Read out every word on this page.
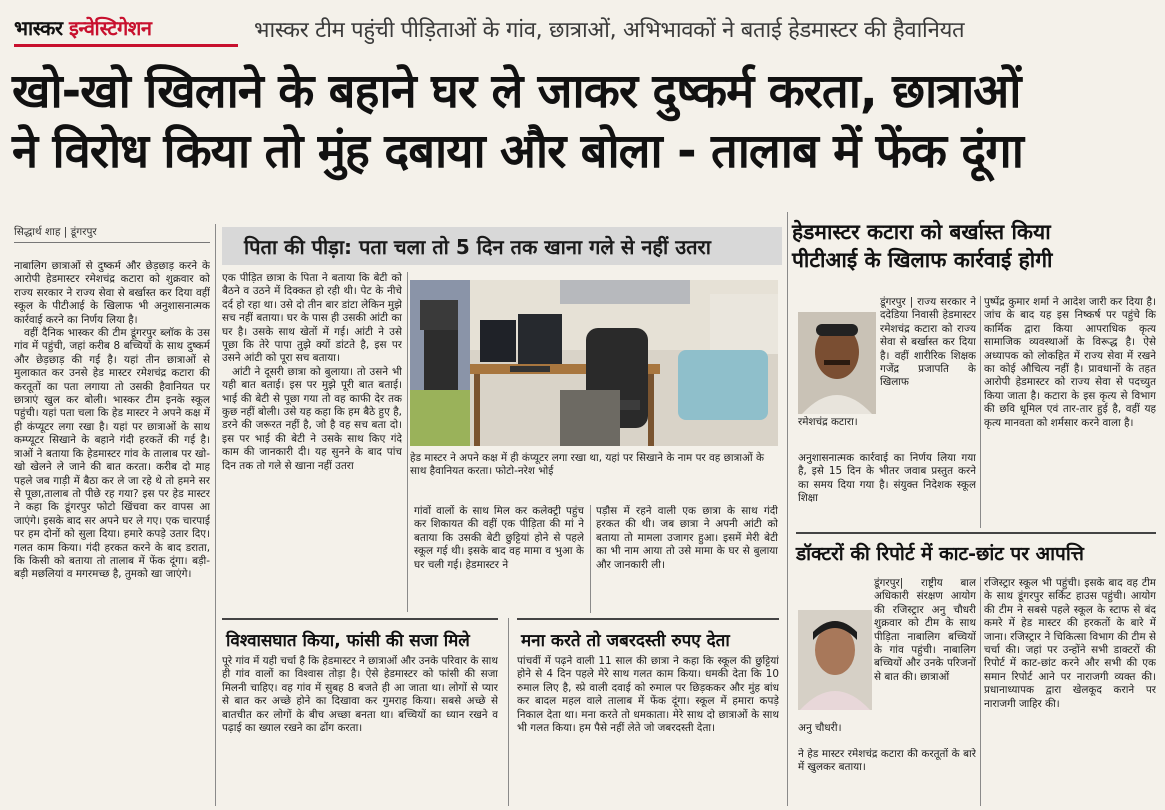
भास्कर इन्वेस्टिगेशन	भास्कर टीम पहुंची पीड़िताओं के गांव, छात्राओं, अभिभावकों ने बताई हेडमास्टर की हैवानियत
खो-खो खिलाने के बहाने घर ले जाकर दुष्कर्म करता, छात्राओं
ने विरोध किया तो मुंह दबाया और बोला - तालाब में फेंक दूंगा
सिद्धार्थ शाह | डूंगरपुर

नाबालिग छात्राओं से दुष्कर्म और छेड़छाड़ करने के आरोपी हेडमास्टर रमेशचंद्र कटारा को शुक्रवार को राज्य सरकार ने राज्य सेवा से बर्खास्त कर दिया वहीं स्कूल के पीटीआई के खिलाफ भी अनुशासनात्मक कार्रवाई करने का निर्णय लिया है।

वहीं दैनिक भास्कर की टीम डूंगरपुर ब्लॉक के उस गांव में पहुंची, जहां करीब 8 बच्चियों के साथ दुष्कर्म और छेड़छाड़ की गई है। यहां तीन छात्राओं से मुलाकात कर उनसे हेड मास्टर रमेशचंद्र कटारा की करतूतों का पता लगाया तो उसकी हैवानियत पर छात्राएं खुल कर बोली। भास्कर टीम इनके स्कूल पहुंची। यहां पता चला कि हेड मास्टर ने अपने कक्ष में ही कंप्यूटर लगा रखा है। यहां पर छात्राओं के साथ कम्प्यूटर सिखाने के बहाने गंदी हरकतें की गई है। त्राओं ने बताया कि हेडमास्टर गांव के तालाब पर खो-खो खेलने ले जाने की बात करता। करीब दो माह पहले जब गाड़ी में बैठा कर ले जा रहे थे तो हमने सर से पूछा,तालाब तो पीछे रह गया? इस पर हेड मास्टर ने कहा कि डूंगरपुर फोटो खिंचवा कर वापस आ जाएंगे। इसके बाद सर अपने घर ले गए। एक चारपाई पर हम दोनों को सुला दिया। हमारे कपड़े उतार दिए। गलत काम किया। गंदी हरकत करने के बाद डराता, कि किसी को बताया तो तालाब में फेंक दूंगा। बड़ी-बड़ी मछलियां व मगरमच्छ है, तुमको खा जाएंगे।

पिता की पीड़ा: पता चला तो 5 दिन तक खाना गले से नहीं उतरा

एक पीड़ित छात्रा के पिता ने बताया कि बेटी को बैठने व उठने में दिक्कत हो रही थी। पेट के नीचे दर्द हो रहा था। उसे दो तीन बार डांटा लेकिन मुझे सच नहीं बताया। घर के पास ही उसकी आंटी का घर है। उसके साथ खेतों में गई। आंटी ने उसे पूछा कि तेरे पापा तुझे क्यों डांटते है, इस पर उसने आंटी को पूरा सच बताया।

आंटी ने दूसरी छात्रा को बुलाया। तो उसने भी यही बात बताई। इस पर मुझे पूरी बात बताई। भाई की बेटी से पूछा गया तो वह काफी देर तक कुछ नहीं बोली। उसे यह कहा कि हम बैठे हुए है, डरने की जरूरत नहीं है, जो है वह सच बता दो। इस पर भाई की बेटी ने उसके साथ किए गंदे काम की जानकारी दी। यह सुनने के बाद पांच दिन तक तो गले से खाना नहीं उतरा

हेड मास्टर ने अपने कक्ष में ही कंप्यूटर लगा रखा था, यहां पर सिखाने के नाम पर वह छात्राओं के साथ हैवानियत करता। फोटो-नरेश भोई
गांवों वालों के साथ मिल कर कलेक्ट्री पहुंच कर शिकायत की वहीं एक पीड़िता की मां ने बताया कि उसकी बेटी छुट्टियां होने से पहले स्कूल गई थी। इसके बाद वह मामा व भुआ के घर चली गई। हेडमास्टर ने
पड़ौस में रहने वाली एक छात्रा के साथ गंदी हरकत की थी। जब छात्रा ने अपनी आंटी को बताया तो मामला उजागर हुआ। इसमें मेरी बेटी का भी नाम आया तो उसे मामा के घर से बुलाया और जानकारी ली।
विश्वासघात किया, फांसी की सजा मिले
पूरे गांव में यही चर्चा है कि हेडमास्टर ने छात्राओं और उनके परिवार के साथ ही गांव वालों का विश्वास तोड़ा है। ऐसे हेडमास्टर को फांसी की सजा मिलनी चाहिए। वह गांव में सुबह 8 बजते ही आ जाता था। लोगों से प्यार से बात कर अच्छे होने का दिखावा कर गुमराह किया। सबसे अच्छे से बातचीत कर लोगों के बीच अच्छा बनता था। बच्चियों का ध्यान रखने व पढ़ाई का ख्याल रखने का ढोंग करता।
मना करते तो जबरदस्ती रुपए देता
पांचवीं में पढ़ने वाली 11 साल की छात्रा ने कहा कि स्कूल की छुट्टियां होने से 4 दिन पहले मेरे साथ गलत काम किया। धमकी देता कि 10 रुमाल लिए है, स्प्रे वाली दवाई को रुमाल पर छिड़ककर और मुंह बांध कर बादल महल वाले तालाब में फेंक दूंगा। स्कूल में हमारा कपड़े निकाल देता था। मना करते तो धमकाता। मेरे साथ दो छात्राओं के साथ भी गलत किया। हम पैसे नहीं लेते जो जबरदस्ती देता।
हेडमास्टर कटारा को बर्खास्त किया
पीटीआई के खिलाफ कार्रवाई होगी
डूंगरपुर | राज्य सरकार ने ददेडिया निवासी हेडमास्टर रमेशचंद्र कटारा को राज्य सेवा से बर्खास्त कर दिया है। वहीं शारीरिक शिक्षक गजेंद्र प्रजापति के खिलाफ
रमेशचंद्र कटारा।
अनुशासनात्मक कार्रवाई का निर्णय लिया गया है, इसे 15 दिन के भीतर जवाब प्रस्तुत करने का समय दिया गया है। संयुक्त निदेशक स्कूल शिक्षा
पुष्पेंद्र कुमार शर्मा ने आदेश जारी कर दिया है। जांच के बाद यह इस निष्कर्ष पर पहुंचे कि कार्मिक द्वारा किया आपराधिक कृत्य सामाजिक व्यवस्थाओं के विरूद्ध है। ऐसे अध्यापक को लोकहित में राज्य सेवा में रखने का कोई औचित्य नहीं है। प्रावधानों के तहत आरोपी हेडमास्टर को राज्य सेवा से पदच्युत किया जाता है। कटारा के इस कृत्य से विभाग की छवि धूमिल एवं तार-तार हुई है, वहीं यह कृत्य मानवता को शर्मसार करने वाला है।
डॉक्टरों की रिपोर्ट में काट-छांट पर आपत्ति
डूंगरपुर| राष्ट्रीय बाल अधिकारी संरक्षण आयोग की रजिस्ट्रार अनु चौधरी शुक्रवार को टीम के साथ पीड़िता नाबालिग बच्चियों के गांव पहुंची। नाबालिग बच्चियों और उनके परिजनों से बात की। छात्राओं
अनु चौधरी।
ने हेड मास्टर रमेशचंद्र कटारा की करतूतों के बारे में खुलकर बताया।
रजिस्ट्रार स्कूल भी पहुंची। इसके बाद वह टीम के साथ डूंगरपुर सर्किट हाउस पहुंची। आयोग की टीम ने सबसे पहले स्कूल के स्टाफ से बंद कमरे में हेड मास्टर की हरकतों के बारे में जाना। रजिस्ट्रार ने चिकित्सा विभाग की टीम से चर्चा की। जहां पर उन्होंने सभी डाक्टरों की रिपोर्ट में काट-छांट करने और सभी की एक समान रिपोर्ट आने पर नाराजगी व्यक्त की। प्रधानाध्यापक द्वारा खेलकूद कराने पर नाराजगी जाहिर की।
